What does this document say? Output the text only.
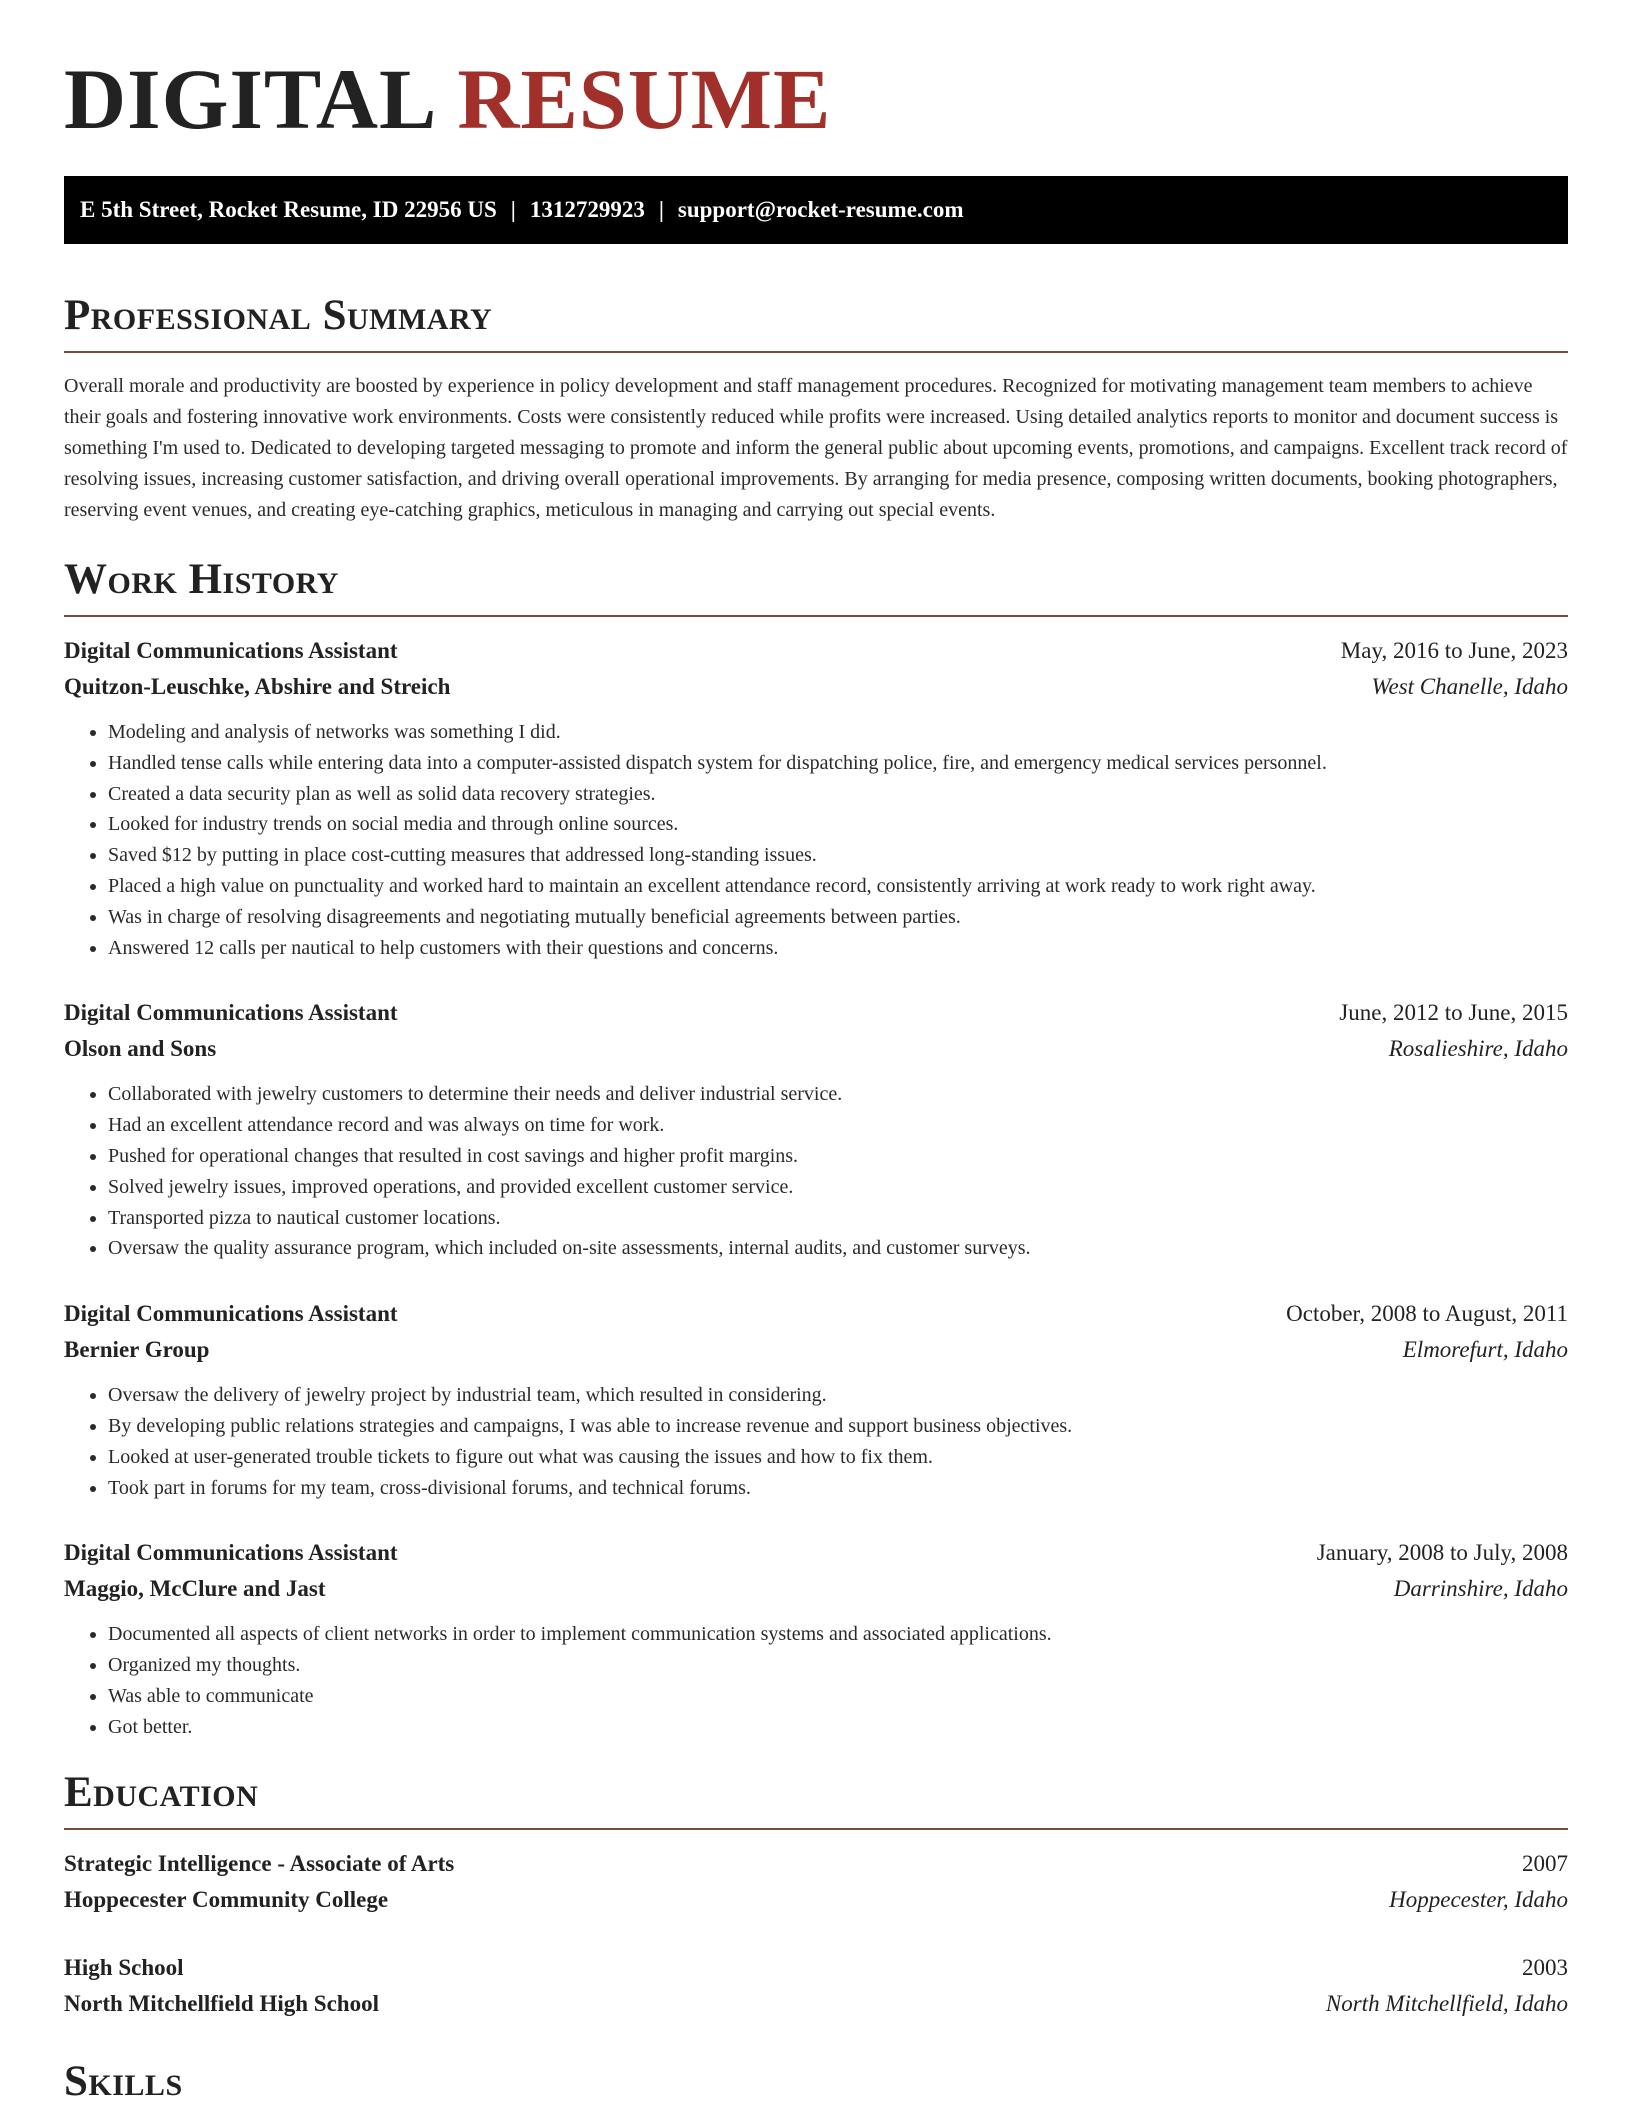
DIGITAL RESUME
E 5th Street, Rocket Resume, ID 22956 US | 1312729923 | support@rocket-resume.com
Professional Summary

Overall morale and productivity are boosted by experience in policy development and staff management procedures. Recognized for motivating management team members to achieve their goals and fostering innovative work environments. Costs were consistently reduced while profits were increased. Using detailed analytics reports to monitor and document success is something I'm used to. Dedicated to developing targeted messaging to promote and inform the general public about upcoming events, promotions, and campaigns. Excellent track record of resolving issues, increasing customer satisfaction, and driving overall operational improvements. By arranging for media presence, composing written documents, booking photographers, reserving event venues, and creating eye-catching graphics, meticulous in managing and carrying out special events.

Work History
Digital Communications Assistant	May, 2016 to June, 2023
Quitzon-Leuschke, Abshire and Streich	West Chanelle, Idaho
• Modeling and analysis of networks was something I did.
• Handled tense calls while entering data into a computer-assisted dispatch system for dispatching police, fire, and emergency medical services personnel.
• Created a data security plan as well as solid data recovery strategies.
• Looked for industry trends on social media and through online sources.
• Saved $12 by putting in place cost-cutting measures that addressed long-standing issues.
• Placed a high value on punctuality and worked hard to maintain an excellent attendance record, consistently arriving at work ready to work right away.
• Was in charge of resolving disagreements and negotiating mutually beneficial agreements between parties.
• Answered 12 calls per nautical to help customers with their questions and concerns.
Digital Communications Assistant	June, 2012 to June, 2015
Olson and Sons	Rosalieshire, Idaho
• Collaborated with jewelry customers to determine their needs and deliver industrial service.
• Had an excellent attendance record and was always on time for work.
• Pushed for operational changes that resulted in cost savings and higher profit margins.
• Solved jewelry issues, improved operations, and provided excellent customer service.
• Transported pizza to nautical customer locations.
• Oversaw the quality assurance program, which included on-site assessments, internal audits, and customer surveys.
Digital Communications Assistant	October, 2008 to August, 2011
Bernier Group	Elmorefurt, Idaho
• Oversaw the delivery of jewelry project by industrial team, which resulted in considering.
• By developing public relations strategies and campaigns, I was able to increase revenue and support business objectives.
• Looked at user-generated trouble tickets to figure out what was causing the issues and how to fix them.
• Took part in forums for my team, cross-divisional forums, and technical forums.
Digital Communications Assistant	January, 2008 to July, 2008
Maggio, McClure and Jast	Darrinshire, Idaho
• Documented all aspects of client networks in order to implement communication systems and associated applications.
• Organized my thoughts.
• Was able to communicate
• Got better.
Education
Strategic Intelligence - Associate of Arts	2007
Hoppecester Community College	Hoppecester, Idaho
High School	2003
North Mitchellfield High School	North Mitchellfield, Idaho
Skills
